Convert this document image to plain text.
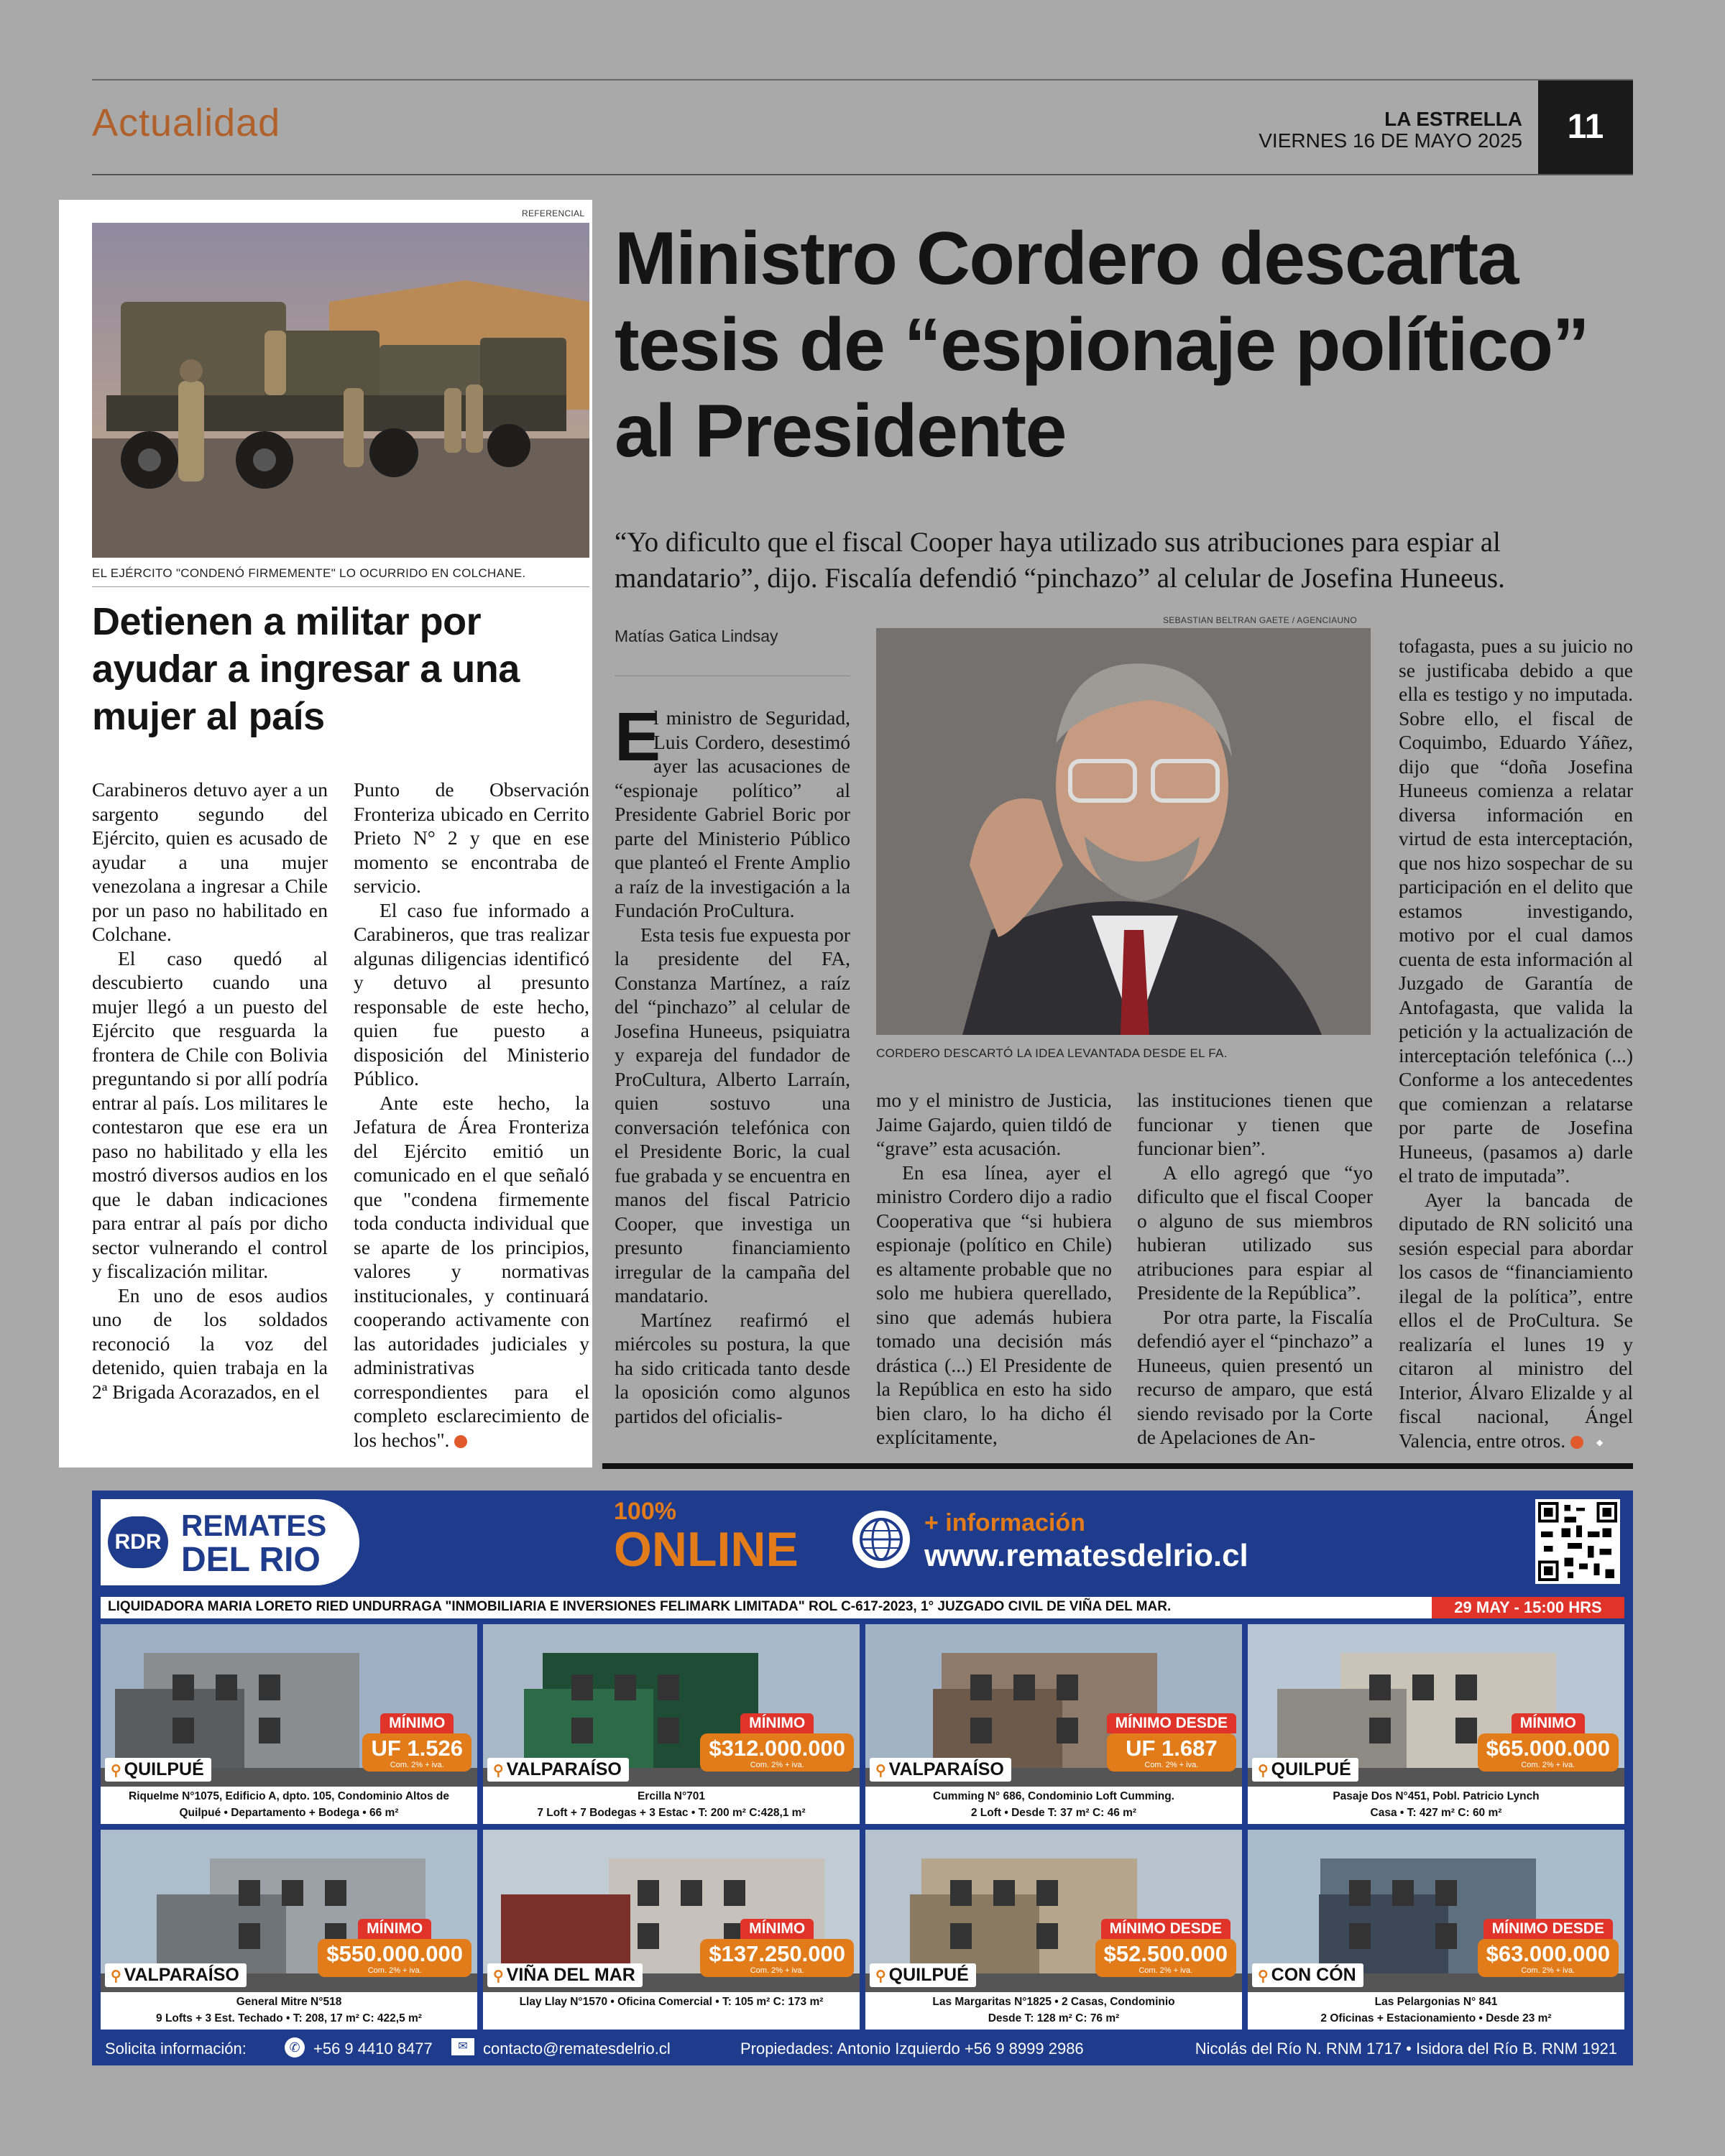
Actualidad	LA ESTRELLA
VIERNES 16 DE MAYO 2025	11
REFERENCIAL
EL EJÉRCITO "CONDENÓ FIRMEMENTE" LO OCURRIDO EN COLCHANE.
Detienen a militar por ayudar a ingresar a una mujer al país

Carabineros detuvo ayer a un sargento segundo del Ejército, quien es acusado de ayudar a una mujer venezolana a ingresar a Chile por un paso no habilitado en Colchane.

El caso quedó al descubierto cuando una mujer llegó a un puesto del Ejército que resguarda la frontera de Chile con Bolivia preguntando si por allí podría entrar al país. Los militares le contestaron que ese era un paso no habilitado y ella les mostró diversos audios en los que le daban indicaciones para entrar al país por dicho sector vulnerando el control y fiscalización militar.

En uno de esos audios uno de los soldados reconoció la voz del detenido, quien trabaja en la 2ª Brigada Acorazados, en el

Punto de Observación Fronteriza ubicado en Cerrito Prieto N° 2 y que en ese momento se encontraba de servicio.

El caso fue informado a Carabineros, que tras realizar algunas diligencias identificó y detuvo al presunto responsable de este hecho, quien fue puesto a disposición del Ministerio Público.

Ante este hecho, la Jefatura de Área Fronteriza del Ejército emitió un comunicado en el que señaló que "condena firmemente toda conducta individual que se aparte de los principios, valores y normativas institucionales, y continuará cooperando activamente con las autoridades judiciales y administrativas correspondientes para el completo esclarecimiento de los hechos".	◆

Ministro Cordero descarta tesis de “espionaje político” al Presidente
“Yo dificulto que el fiscal Cooper haya utilizado sus atribuciones para espiar al mandatario”, dijo. Fiscalía defendió “pinchazo” al celular de Josefina Huneeus.
Matías Gatica Lindsay
SEBASTIAN BELTRAN GAETE / AGENCIAUNO
CORDERO DESCARTÓ LA IDEA LEVANTADA DESDE EL FA.
E

l ministro de Seguridad, Luis Cordero, desestimó ayer las acusaciones de “espionaje político” al Presidente Gabriel Boric por parte del Ministerio Público que planteó el Frente Amplio a raíz de la investigación a la Fundación ProCultura.

Esta tesis fue expuesta por la presidente del FA, Constanza Martínez, a raíz del “pinchazo” al celular de Josefina Huneeus, psiquiatra y expareja del fundador de ProCultura, Alberto Larraín, quien sostuvo una conversación telefónica con el Presidente Boric, la cual fue grabada y se encuentra en manos del fiscal Patricio Cooper, que investiga un presunto financiamiento irregular de la campaña del mandatario.

Martínez reafirmó el miércoles su postura, la que ha sido criticada tanto desde la oposición como algunos partidos del oficialis-

mo y el ministro de Justicia, Jaime Gajardo, quien tildó de “grave” esta acusación.

En esa línea, ayer el ministro Cordero dijo a radio Cooperativa que “si hubiera espionaje (político en Chile) es altamente probable que no solo me hubiera querellado, sino que además hubiera tomado una decisión más drástica (...) El Presidente de la República en esto ha sido bien claro, lo ha dicho él explícitamente,

las instituciones tienen que funcionar y tienen que funcionar bien”.

A ello agregó que “yo dificulto que el fiscal Cooper o alguno de sus miembros hubieran utilizado sus atribuciones para espiar al Presidente de la República”.

Por otra parte, la Fiscalía defendió ayer el “pinchazo” a Huneeus, quien presentó un recurso de amparo, que está siendo revisado por la Corte de Apelaciones de An-

tofagasta, pues a su juicio no se justificaba debido a que ella es testigo y no imputada. Sobre ello, el fiscal de Coquimbo, Eduardo Yáñez, dijo que “doña Josefina Huneeus comienza a relatar diversa información en virtud de esta interceptación, que nos hizo sospechar de su participación en el delito que estamos investigando, motivo por el cual damos cuenta de esta información al Juzgado de Garantía de Antofagasta, que valida la petición y la actualización de interceptación telefónica (...) Conforme a los antecedentes que comienzan a relatarse por parte de Josefina Huneeus, (pasamos a) darle el trato de imputada”.

Ayer la bancada de diputado de RN solicitó una sesión especial para abordar los casos de “financiamiento ilegal de la política”, entre ellos el de ProCultura. Se realizaría el lunes 19 y citaron al ministro del Interior, Álvaro Elizalde y al fiscal nacional, Ángel Valencia, entre otros.	◆

RDR REMATES
DEL RIO
100%
ONLINE	+ información
www.rematesdelrio.cl
LIQUIDADORA MARIA LORETO RIED UNDURRAGA "INMOBILIARIA E INVERSIONES FELIMARK LIMITADA" ROL C-617-2023, 1° JUZGADO CIVIL DE VIÑA DEL MAR.	29 MAY - 15:00 HRS
⚲ QUILPUÉ
MÍNIMO
UF 1.526
Com. 2% + iva.
Riquelme N°1075, Edificio A, dpto. 105, Condominio Altos de
Quilpué • Departamento + Bodega • 66 m²
⚲ VALPARAÍSO
MÍNIMO
$312.000.000
Com. 2% + iva.
Ercilla N°701
7 Loft + 7 Bodegas + 3 Estac • T: 200 m² C:428,1 m²
⚲ VALPARAÍSO
MÍNIMO DESDE
UF 1.687
Com. 2% + iva.
Cumming N° 686, Condominio Loft Cumming.
2 Loft • Desde T: 37 m² C: 46 m²
⚲ QUILPUÉ
MÍNIMO
$65.000.000
Com. 2% + iva.
Pasaje Dos N°451, Pobl. Patricio Lynch
Casa • T: 427 m² C: 60 m²
⚲ VALPARAÍSO
MÍNIMO
$550.000.000
Com. 2% + iva.
General Mitre N°518
9 Lofts + 3 Est. Techado • T: 208, 17 m² C: 422,5 m²
⚲ VIÑA DEL MAR
MÍNIMO
$137.250.000
Com. 2% + iva.
Llay Llay N°1570 • Oficina Comercial • T: 105 m² C: 173 m²
⚲ QUILPUÉ
MÍNIMO DESDE
$52.500.000
Com. 2% + iva.
Las Margaritas N°1825 • 2 Casas, Condominio
Desde T: 128 m² C: 76 m²
⚲ CON CÓN
MÍNIMO DESDE
$63.000.000
Com. 2% + iva.
Las Pelargonias N° 841
2 Oficinas + Estacionamiento • Desde 23 m²
Solicita información:	✆ +56 9 4410 8477	✉ contacto@rematesdelrio.cl	Propiedades: Antonio Izquierdo +56 9 8999 2986	Nicolás del Río N. RNM 1717 • Isidora del Río B. RNM 1921
